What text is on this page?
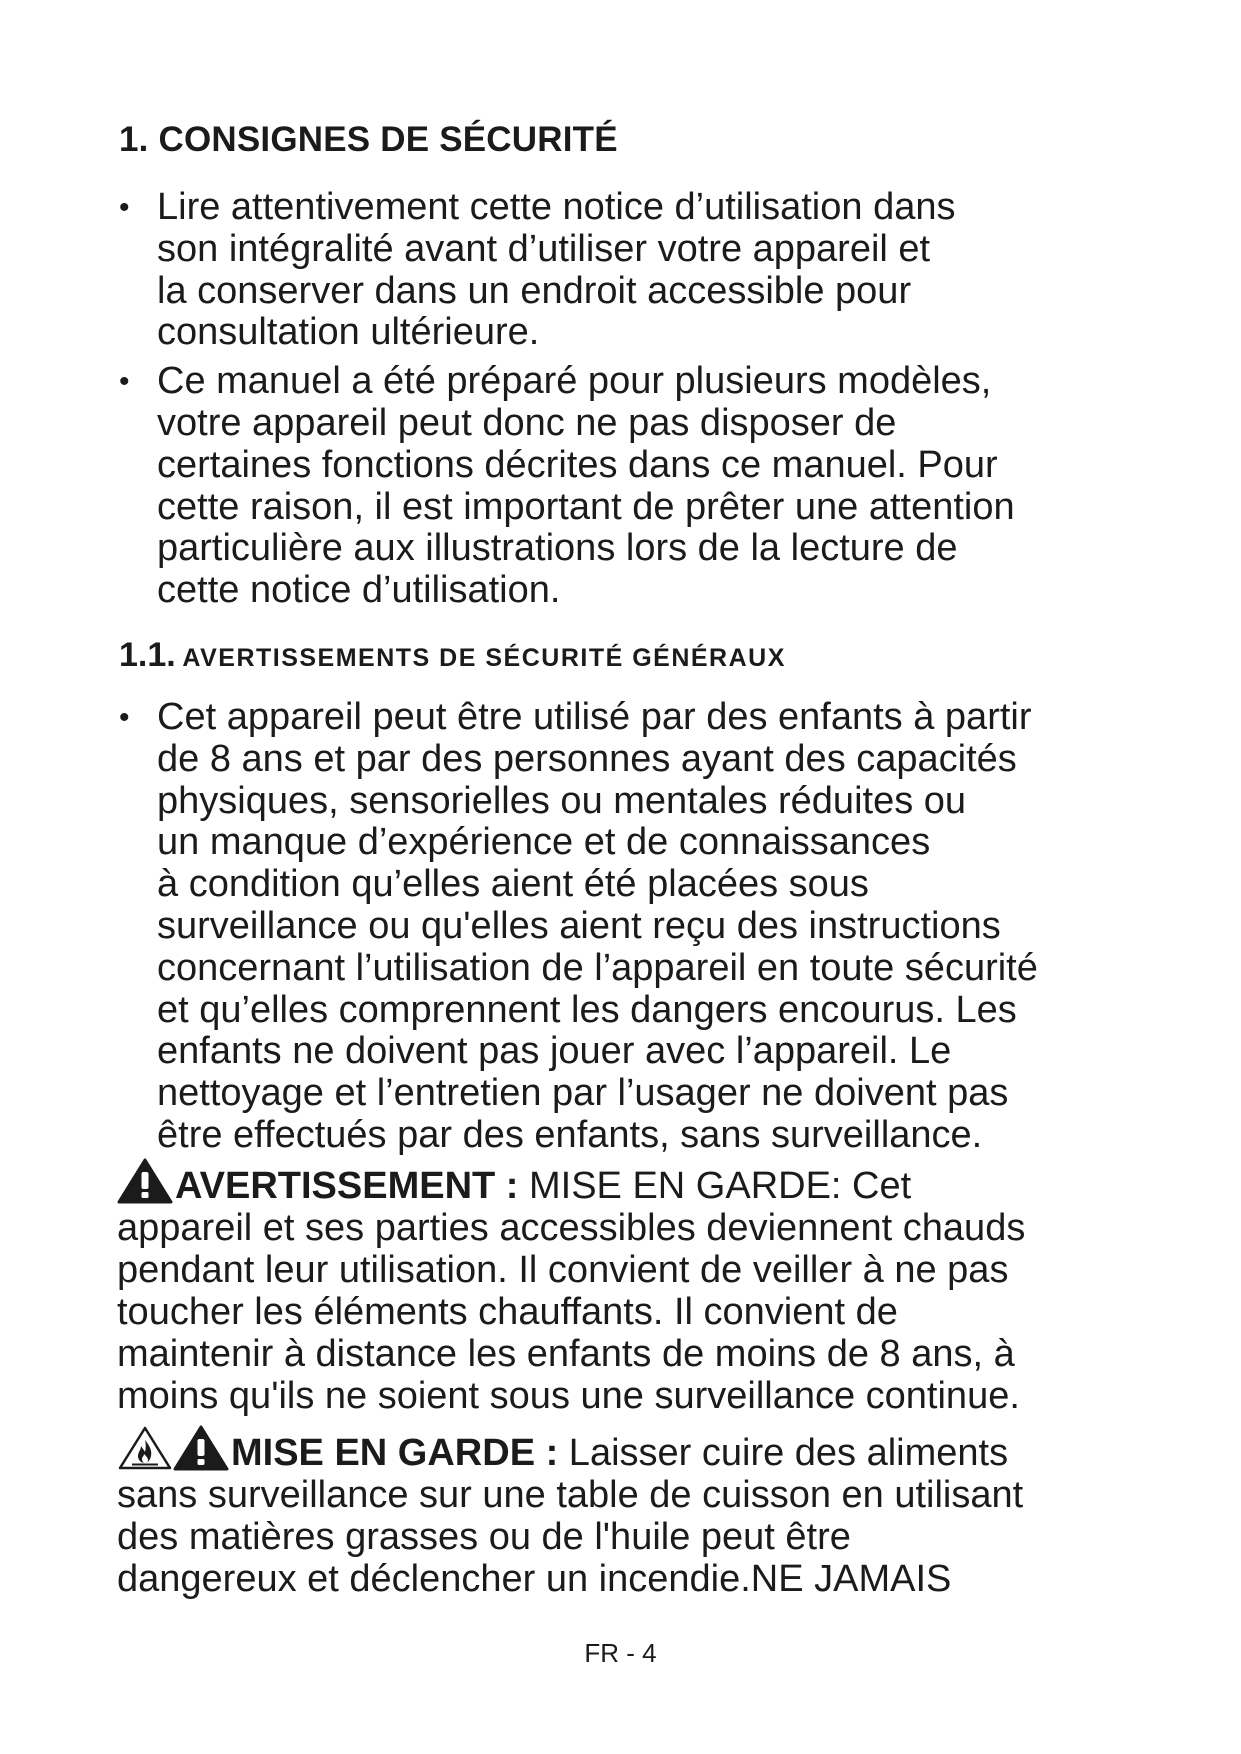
1. CONSIGNES DE SÉCURITÉ
• Lire attentivement cette notice d’utilisation dans
son intégralité avant d’utiliser votre appareil et
la conserver dans un endroit accessible pour
consultation ultérieure.
• Ce manuel a été préparé pour plusieurs modèles,
votre appareil peut donc ne pas disposer de
certaines fonctions décrites dans ce manuel. Pour
cette raison, il est important de prêter une attention
particulière aux illustrations lors de la lecture de
cette notice d’utilisation.
1.1. AVERTISSEMENTS DE SÉCURITÉ GÉNÉRAUX
• Cet appareil peut être utilisé par des enfants à partir
de 8 ans et par des personnes ayant des capacités
physiques, sensorielles ou mentales réduites ou
un manque d’expérience et de connaissances
à condition qu’elles aient été placées sous
surveillance ou qu'elles aient reçu des instructions
concernant l’utilisation de l’appareil en toute sécurité
et qu’elles comprennent les dangers encourus. Les
enfants ne doivent pas jouer avec l’appareil. Le
nettoyage et l’entretien par l’usager ne doivent pas
être effectués par des enfants, sans surveillance.
AVERTISSEMENT : MISE EN GARDE: Cet
appareil et ses parties accessibles deviennent chauds
pendant leur utilisation. Il convient de veiller à ne pas
toucher les éléments chauffants. Il convient de
maintenir à distance les enfants de moins de 8 ans, à
moins qu'ils ne soient sous une surveillance continue.
MISE EN GARDE : Laisser cuire des aliments
sans surveillance sur une table de cuisson en utilisant
des matières grasses ou de l'huile peut être
dangereux et déclencher un incendie.NE JAMAIS
FR - 4
